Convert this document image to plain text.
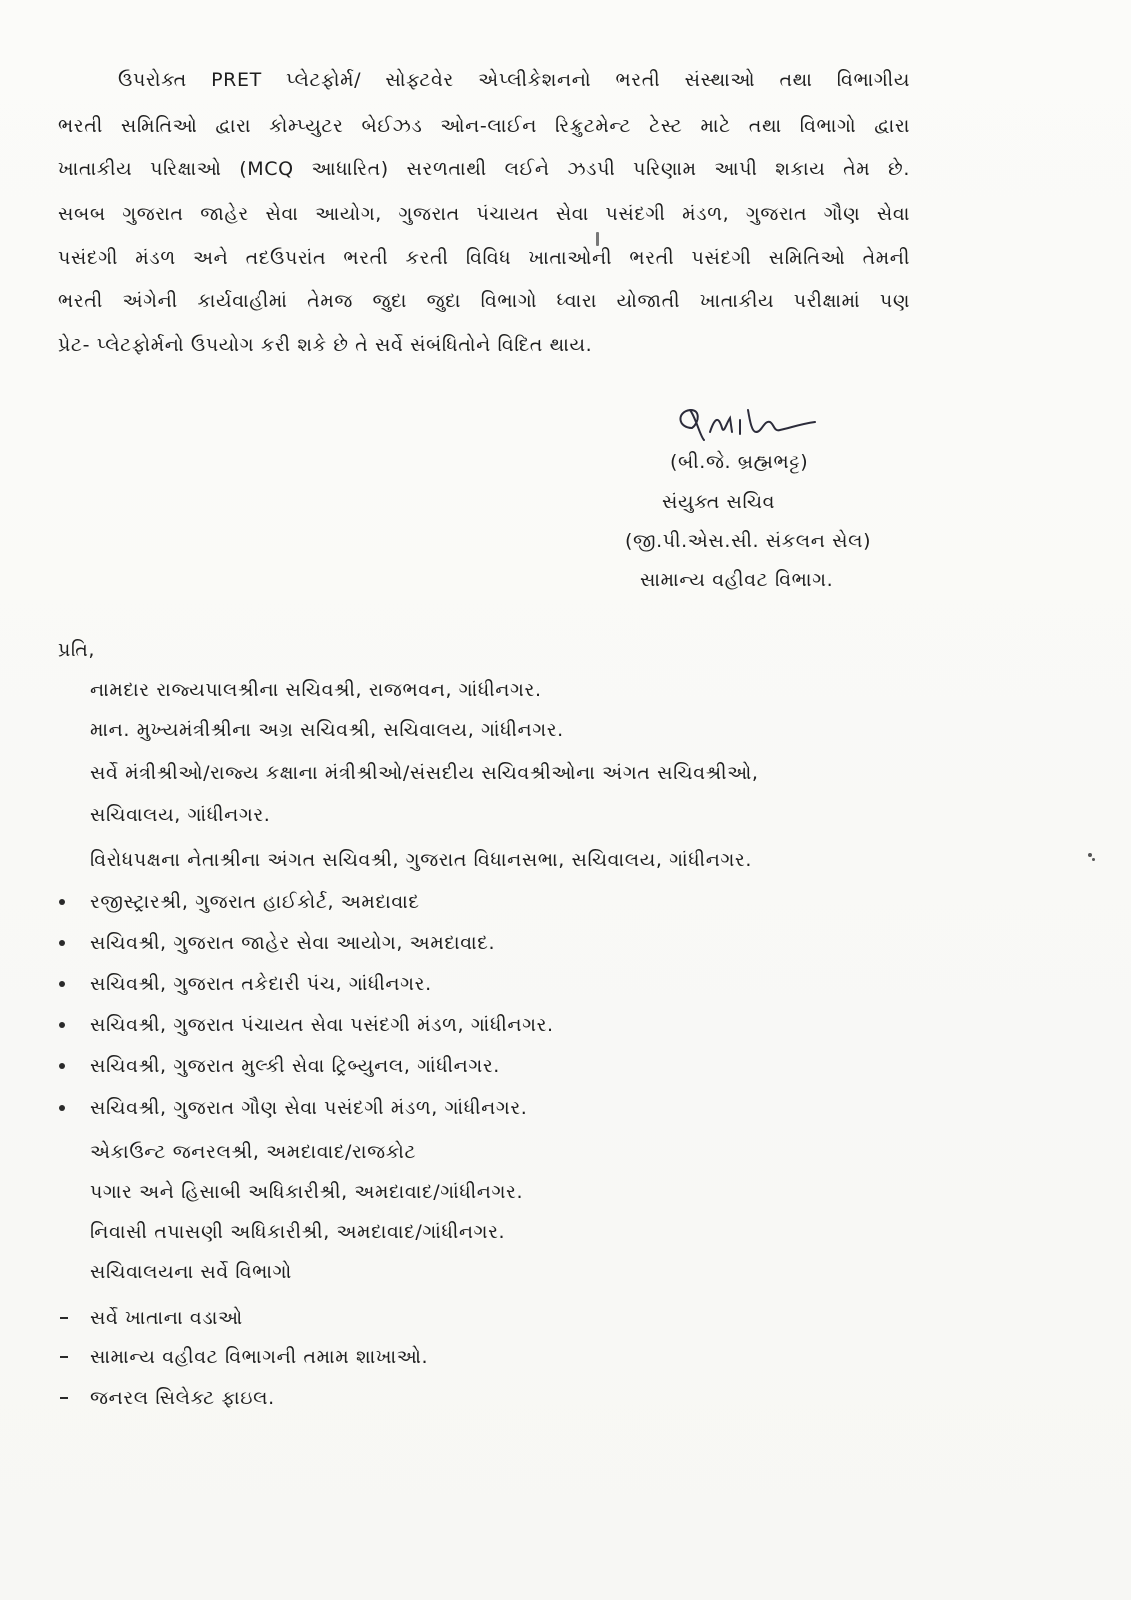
ઉપરોક્ત PRET પ્લેટફોર્મ/ સોફ્ટવેર એપ્લીકેશનનો ભરતી સંસ્થાઓ તથા વિભાગીય
ભરતી સમિતિઓ દ્વારા કોમ્પ્યુટર બેઈઝડ ઓન-લાઈન રિક્રુટમેન્ટ ટેસ્ટ માટે તથા વિભાગો દ્વારા
ખાતાકીય પરિક્ષાઓ (MCQ આધારિત) સરળતાથી લઈને ઝડપી પરિણામ આપી શકાય તેમ છે.
સબબ ગુજરાત જાહેર સેવા આયોગ, ગુજરાત પંચાયત સેવા પસંદગી મંડળ, ગુજરાત ગૌણ સેવા
પસંદગી મંડળ અને તદઉપરાંત ભરતી કરતી વિવિધ ખાતાઓની ભરતી પસંદગી સમિતિઓ તેમની
ભરતી અંગેની કાર્યવાહીમાં તેમજ જુદા જુદા વિભાગો ધ્વારા યોજાતી ખાતાકીય પરીક્ષામાં પણ
પ્રેટ- પ્લેટફોર્મનો ઉપયોગ કરી શકે છે તે સર્વે સંબંધિતોને વિદિત થાય.
(બી.જે. બ્રહ્મભટ્ટ)
સંયુક્ત સચિવ
(જી.પી.એસ.સી. સંકલન સેલ)
સામાન્ય વહીવટ વિભાગ.
પ્રતિ,
નામદાર રાજ્યપાલશ્રીના સચિવશ્રી, રાજભવન, ગાંધીનગર.
માન. મુખ્યમંત્રીશ્રીના અગ્ર સચિવશ્રી, સચિવાલય, ગાંધીનગર.
સર્વે મંત્રીશ્રીઓ/રાજ્ય કક્ષાના મંત્રીશ્રીઓ/સંસદીય સચિવશ્રીઓના અંગત સચિવશ્રીઓ,
સચિવાલય, ગાંધીનગર.
વિરોધપક્ષના નેતાશ્રીના અંગત સચિવશ્રી, ગુજરાત વિધાનસભા, સચિવાલય, ગાંધીનગર.
રજીસ્ટ્રારશ્રી, ગુજરાત હાઈકોર્ટ, અમદાવાદ
સચિવશ્રી, ગુજરાત જાહેર સેવા આયોગ, અમદાવાદ.
સચિવશ્રી, ગુજરાત તકેદારી પંચ, ગાંધીનગર.
સચિવશ્રી, ગુજરાત પંચાયત સેવા પસંદગી મંડળ, ગાંધીનગર.
સચિવશ્રી, ગુજરાત મુલ્કી સેવા ટ્રિબ્યુનલ, ગાંધીનગર.
સચિવશ્રી, ગુજરાત ગૌણ સેવા પસંદગી મંડળ, ગાંધીનગર.
એકાઉન્ટ જનરલશ્રી, અમદાવાદ/રાજકોટ
પગાર અને હિસાબી અધિકારીશ્રી, અમદાવાદ/ગાંધીનગર.
નિવાસી તપાસણી અધિકારીશ્રી, અમદાવાદ/ગાંધીનગર.
સચિવાલયના સર્વે વિભાગો
સર્વે ખાતાના વડાઓ
સામાન્ય વહીવટ વિભાગની તમામ શાખાઓ.
જનરલ સિલેક્ટ ફાઇલ.
